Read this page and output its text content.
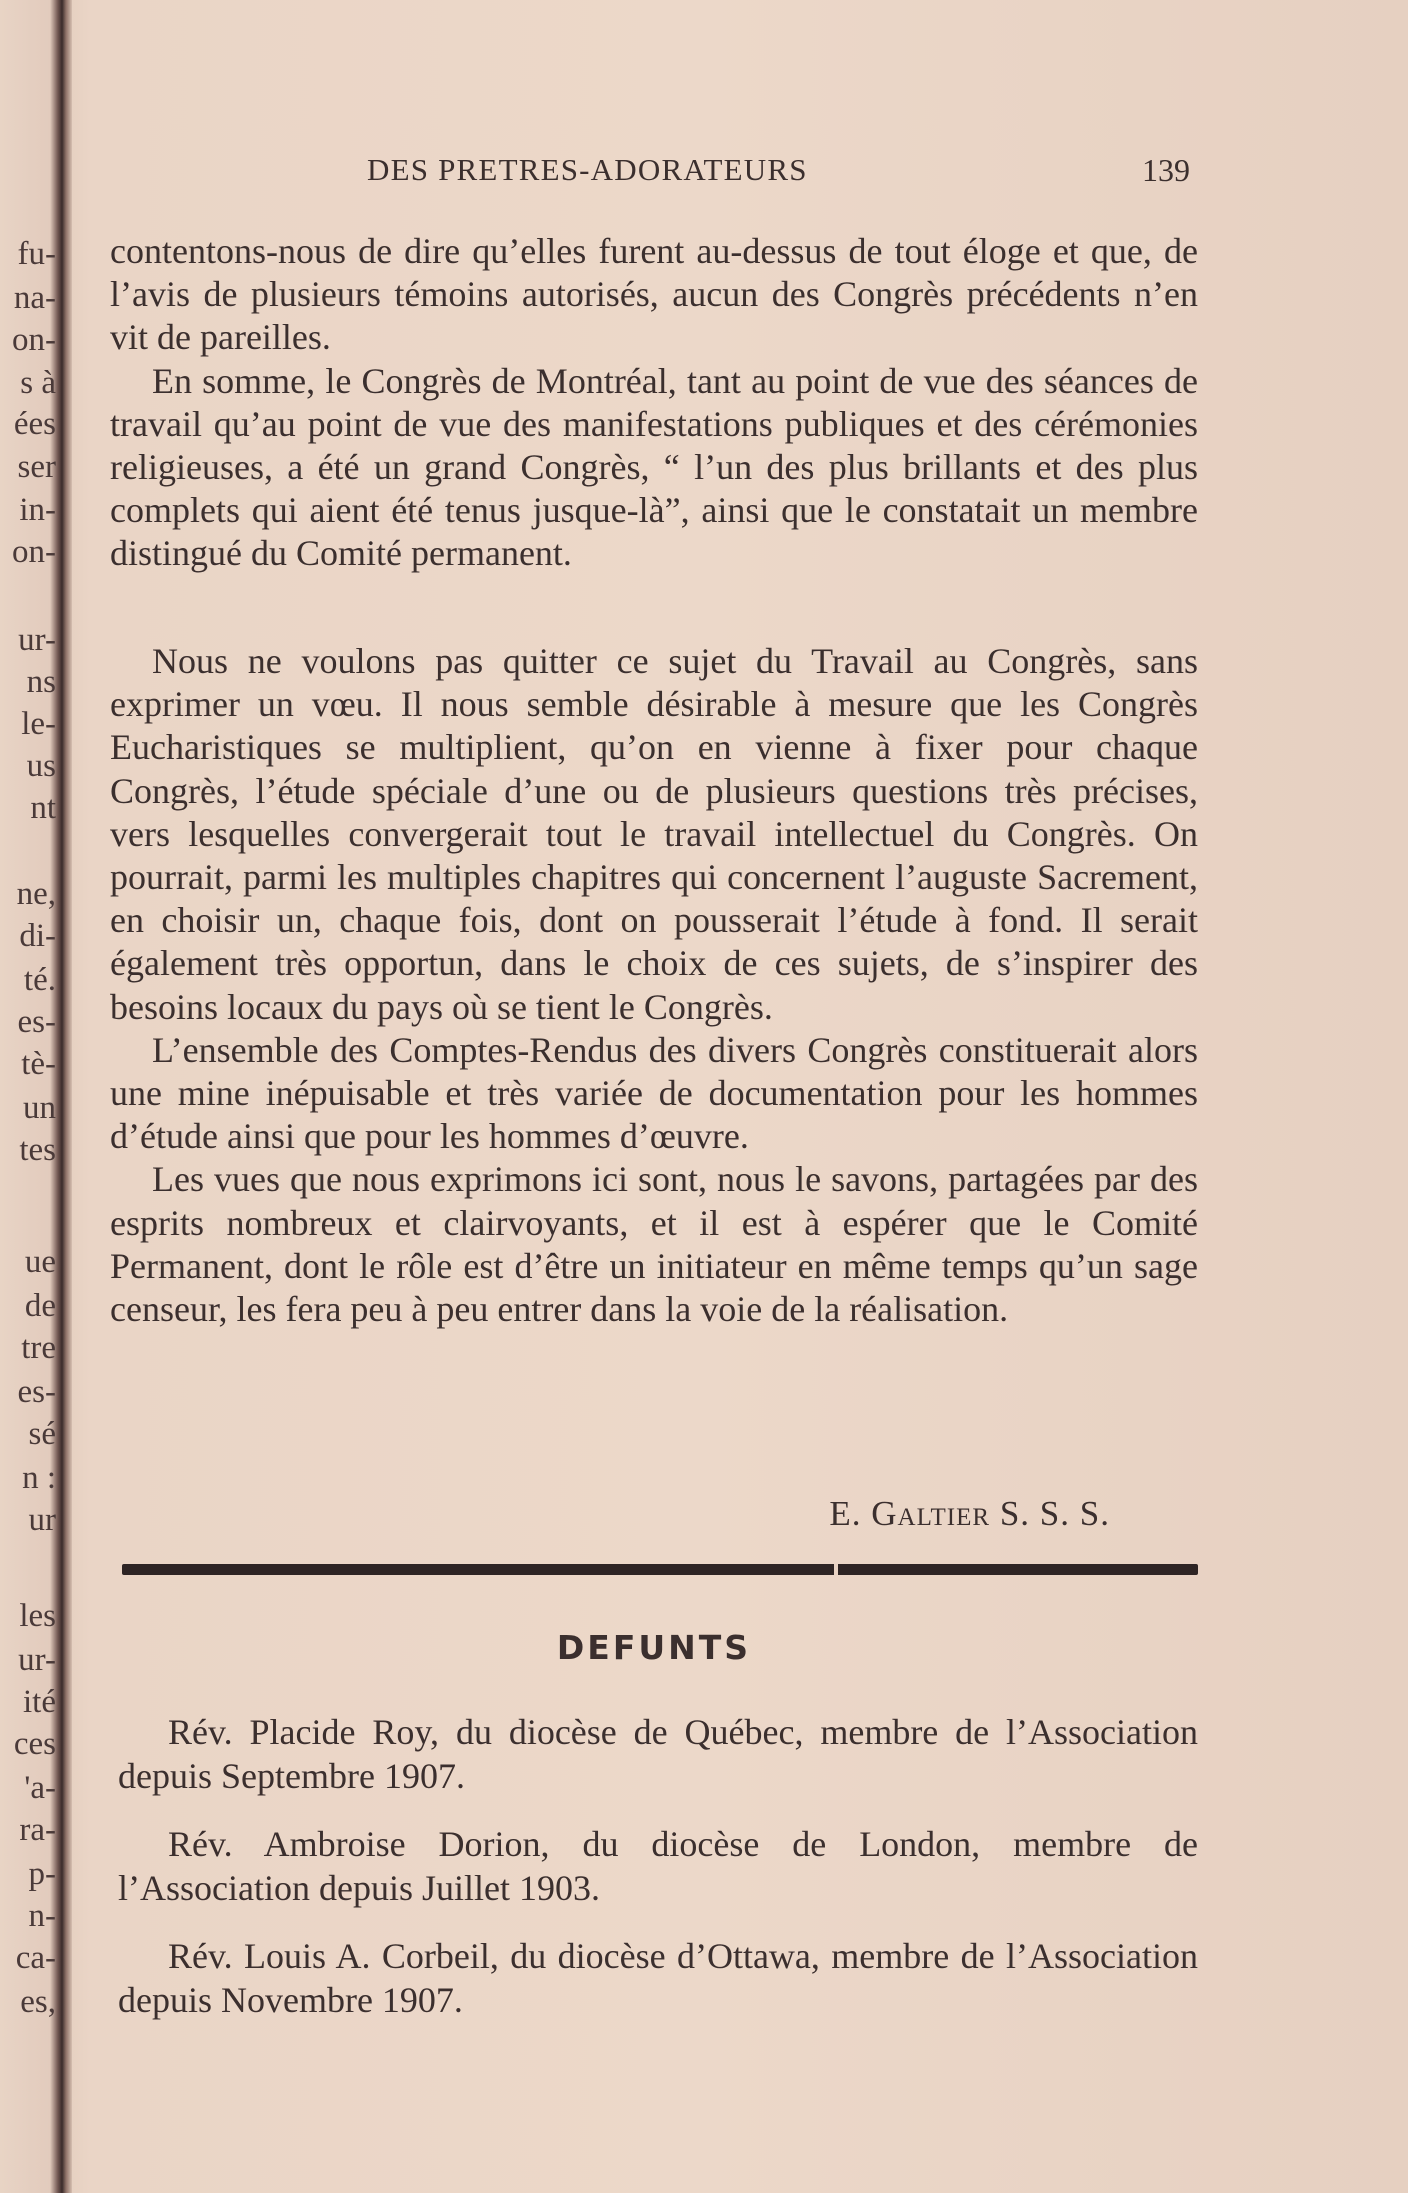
fu-
na-
on-
s à
ées
ser
in-
on-
ur-
ns
le-
us
nt
ne,
di-
té.
es-
tè-
un
tes
ue
de
tre
es-
sé
n :
ur
les
ur-
ité
ces
'a-
ra-
p-
n-
ca-
es,
DES PRETRES-ADORATEURS	139

contentons-nous de dire qu’elles furent au-dessus de tout éloge et que, de l’avis de plusieurs témoins autorisés, aucun des Congrès précédents n’en vit de pareilles.

En somme, le Congrès de Montréal, tant au point de vue des séances de travail qu’au point de vue des manifestations publiques et des cérémonies religieuses, a été un grand Congrès, “ l’un des plus brillants et des plus complets qui aient été tenus jusque-là”, ainsi que le constatait un membre distingué du Comité permanent.

Nous ne voulons pas quitter ce sujet du Travail au Congrès, sans exprimer un vœu. Il nous semble désirable à mesure que les Congrès Eucharistiques se multiplient, qu’on en vienne à fixer pour chaque Congrès, l’étude spéciale d’une ou de plusieurs questions très précises, vers lesquelles convergerait tout le travail intellectuel du Congrès. On pourrait, parmi les multiples chapitres qui concernent l’auguste Sacrement, en choisir un, chaque fois, dont on pousserait l’étude à fond. Il serait également très opportun, dans le choix de ces sujets, de s’inspirer des besoins locaux du pays où se tient le Congrès.

L’ensemble des Comptes-Rendus des divers Congrès constituerait alors une mine inépuisable et très variée de documentation pour les hommes d’étude ainsi que pour les hommes d’œuvre.

Les vues que nous exprimons ici sont, nous le savons, partagées par des esprits nombreux et clairvoyants, et il est à espérer que le Comité Permanent, dont le rôle est d’être un initiateur en même temps qu’un sage censeur, les fera peu à peu entrer dans la voie de la réalisation.

E. Galtier S. S. S.
DEFUNTS

Rév. Placide Roy, du diocèse de Québec, membre de l’Association depuis Septembre 1907.

Rév. Ambroise Dorion, du diocèse de London, membre de l’Association depuis Juillet 1903.

Rév. Louis A. Corbeil, du diocèse d’Ottawa, membre de l’Association depuis Novembre 1907.
